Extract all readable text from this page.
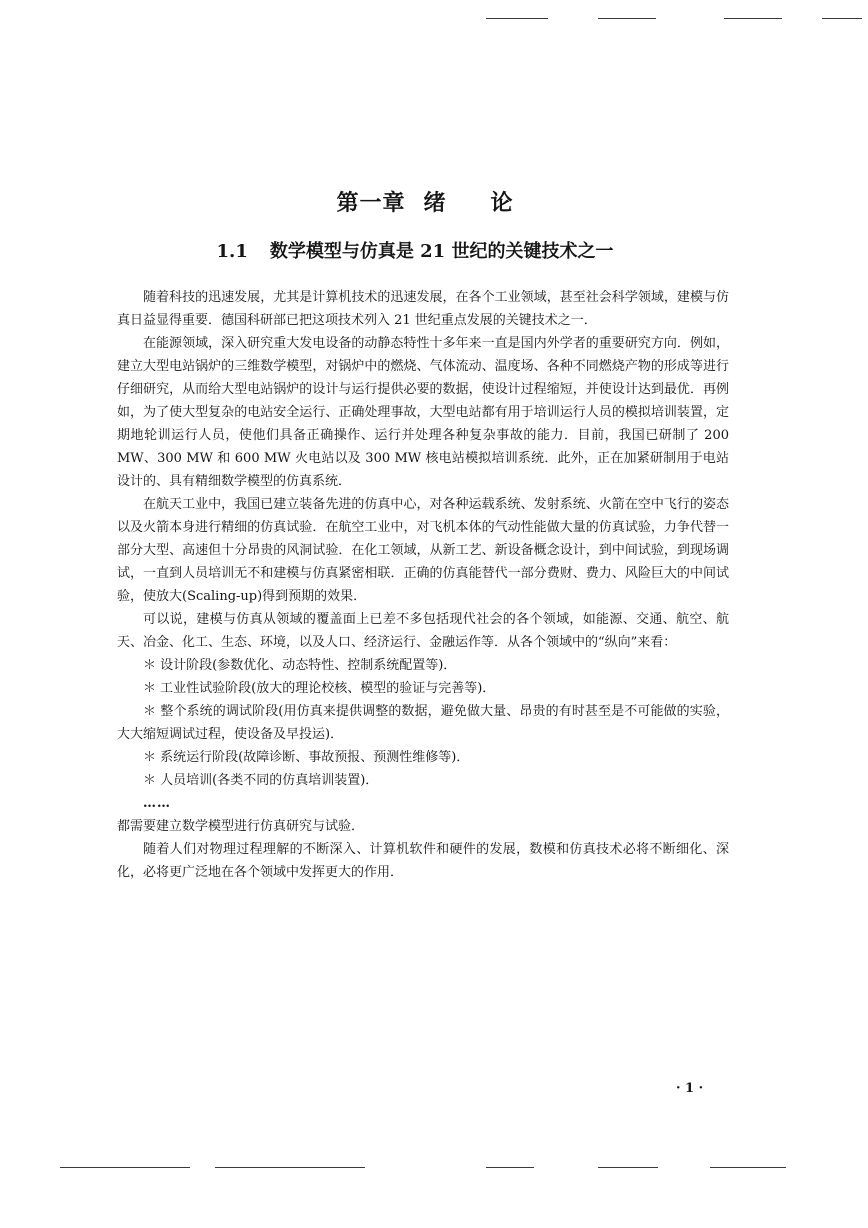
第一章 绪 论
1.1 数学模型与仿真是 21 世纪的关键技术之一

随着科技的迅速发展，尤其是计算机技术的迅速发展，在各个工业领域，甚至社会科学领域，建模与仿真日益显得重要．德国科研部已把这项技术列入 21 世纪重点发展的关键技术之一．

在能源领域，深入研究重大发电设备的动静态特性十多年来一直是国内外学者的重要研究方向．例如，建立大型电站锅炉的三维数学模型，对锅炉中的燃烧、气体流动、温度场、各种不同燃烧产物的形成等进行仔细研究，从而给大型电站锅炉的设计与运行提供必要的数据，使设计过程缩短，并使设计达到最优．再例如，为了使大型复杂的电站安全运行、正确处理事故，大型电站都有用于培训运行人员的模拟培训装置，定期地轮训运行人员，使他们具备正确操作、运行并处理各种复杂事故的能力．目前，我国已研制了 200 MW、300 MW 和 600 MW 火电站以及 300 MW 核电站模拟培训系统．此外，正在加紧研制用于电站设计的、具有精细数学模型的仿真系统．

在航天工业中，我国已建立装备先进的仿真中心，对各种运载系统、发射系统、火箭在空中飞行的姿态以及火箭本身进行精细的仿真试验．在航空工业中，对飞机本体的气动性能做大量的仿真试验，力争代替一部分大型、高速但十分昂贵的风洞试验．在化工领域，从新工艺、新设备概念设计，到中间试验，到现场调试，一直到人员培训无不和建模与仿真紧密相联．正确的仿真能替代一部分费财、费力、风险巨大的中间试验，使放大(Scaling-up)得到预期的效果．

可以说，建模与仿真从领域的覆盖面上已差不多包括现代社会的各个领域，如能源、交通、航空、航天、冶金、化工、生态、环境，以及人口、经济运行、金融运作等．从各个领域中的“纵向”来看：

＊ 设计阶段(参数优化、动态特性、控制系统配置等)．

＊ 工业性试验阶段(放大的理论校核、模型的验证与完善等)．

＊ 整个系统的调试阶段(用仿真来提供调整的数据，避免做大量、昂贵的有时甚至是不可能做的实验，大大缩短调试过程，使设备及早投运)．

＊ 系统运行阶段(故障诊断、事故预报、预测性维修等)．

＊ 人员培训(各类不同的仿真培训装置)．

……

都需要建立数学模型进行仿真研究与试验．

随着人们对物理过程理解的不断深入、计算机软件和硬件的发展，数模和仿真技术必将不断细化、深化，必将更广泛地在各个领域中发挥更大的作用．

· 1 ·
